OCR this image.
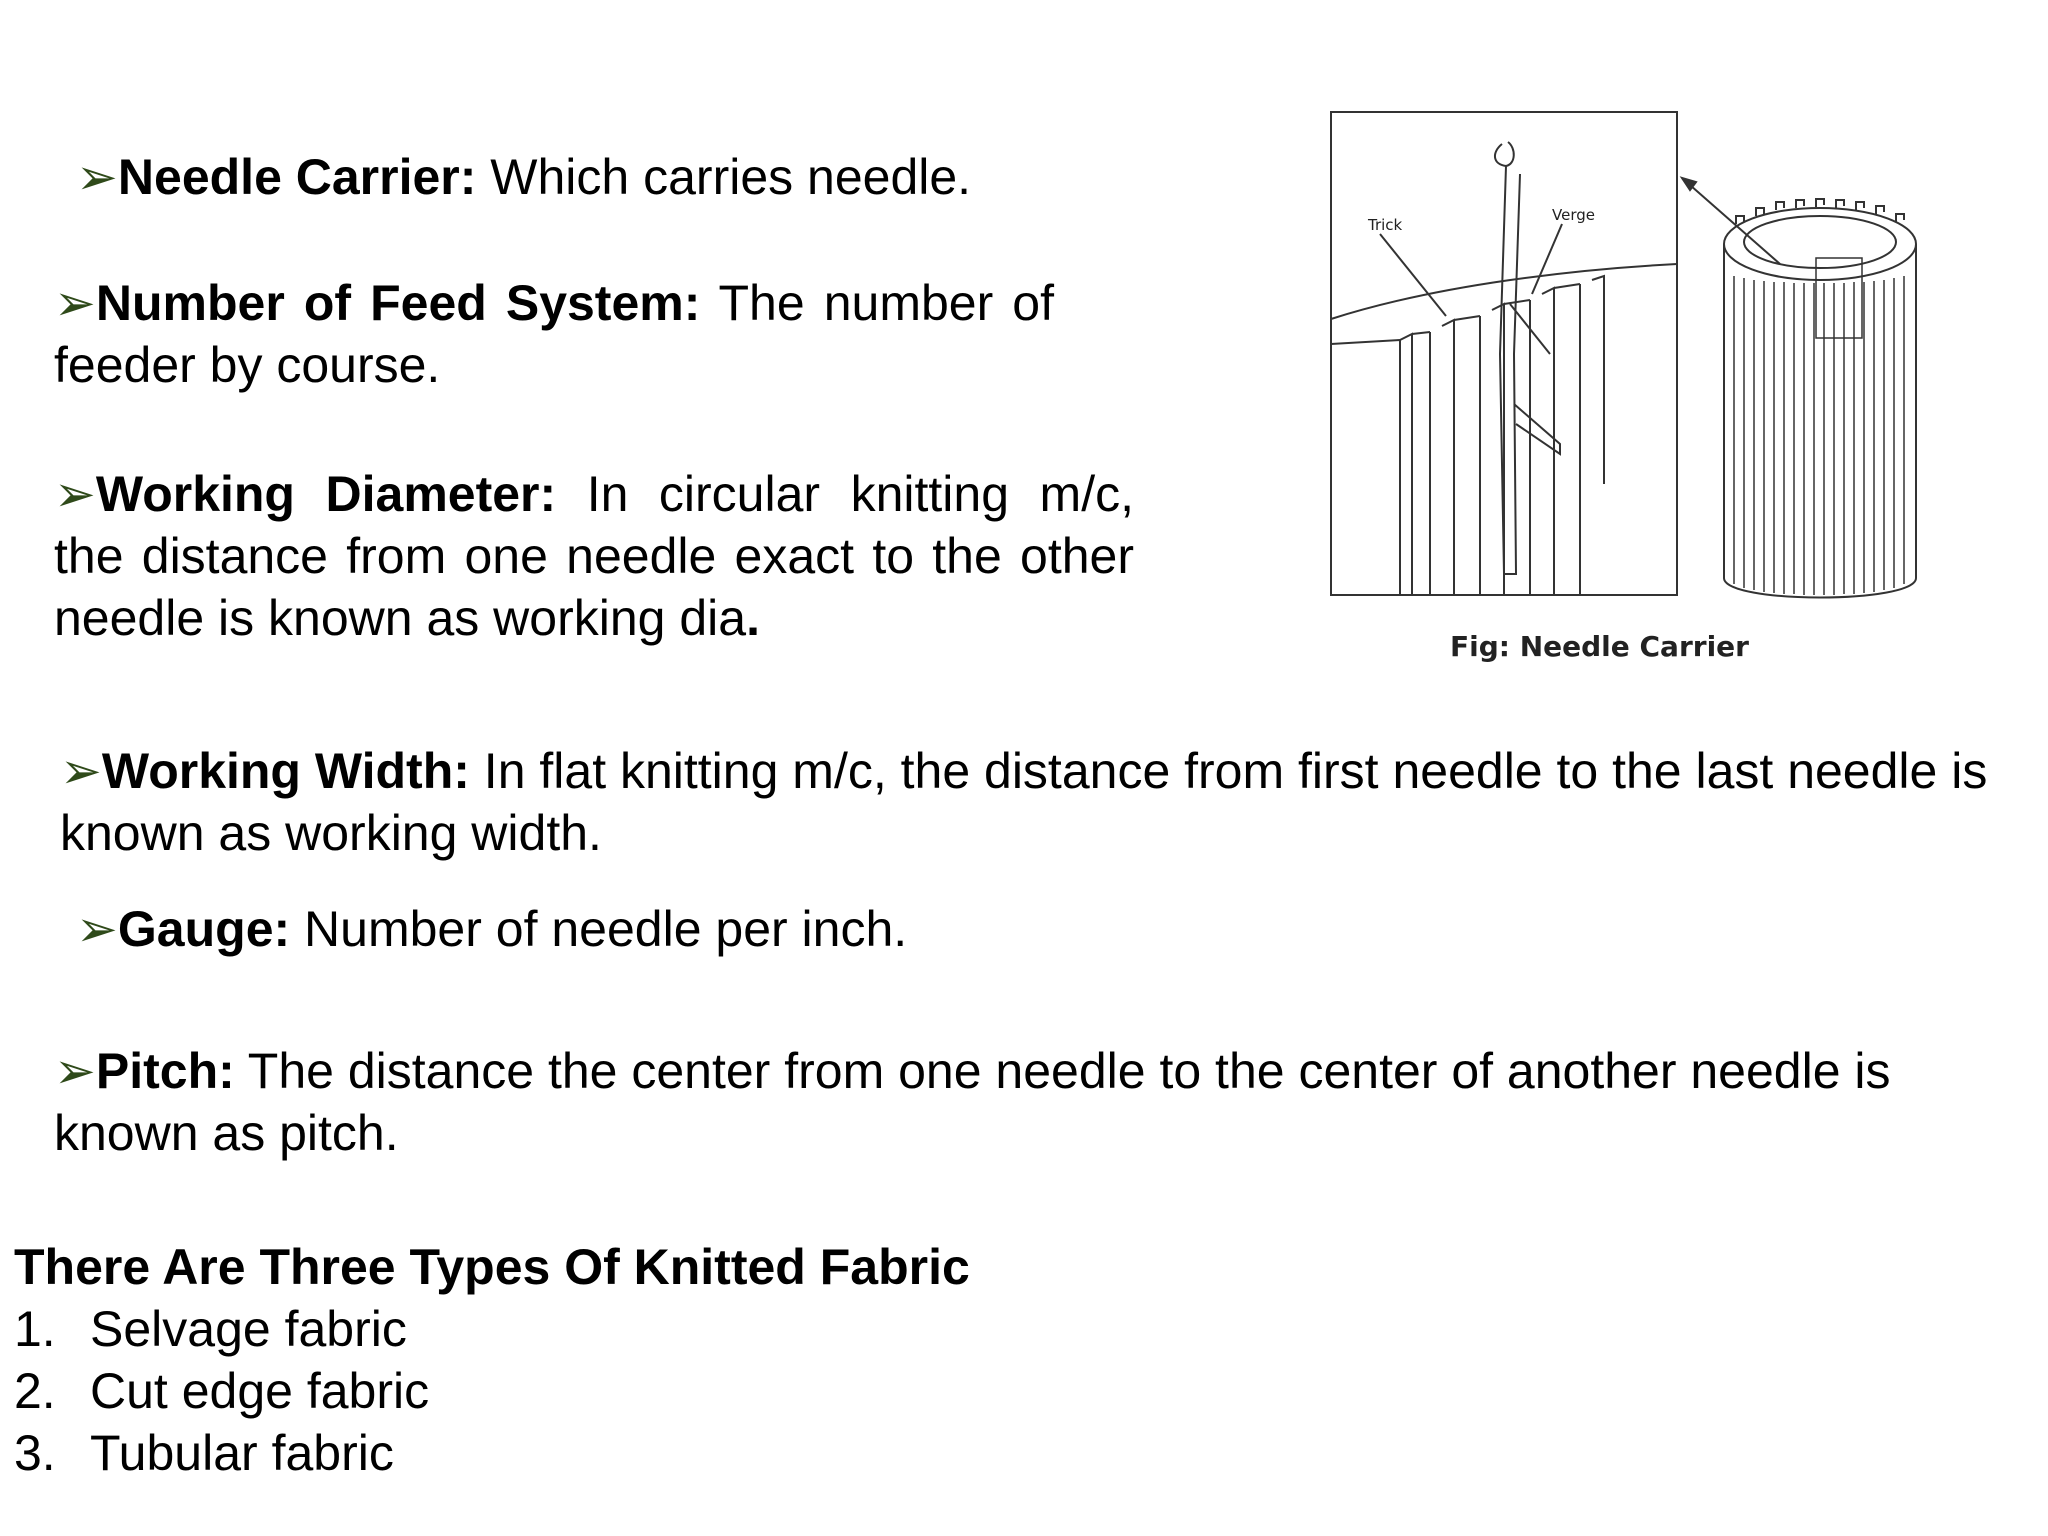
➢Needle Carrier: Which carries needle.

➢Number of Feed System: The number of feeder by course.

➢Working Diameter: In circular knitting m/c, the distance from one needle exact to the other needle is known as working dia.

➢Working Width: In flat knitting m/c, the distance from first needle to the last needle is known as working width.

➢Gauge: Number of needle per inch.

➢Pitch: The distance the center from one needle to the center of another needle is known as pitch.

Trick
Verge
Fig: Needle Carrier
There Are Three Types Of Knitted Fabric
1. Selvage fabric
2. Cut edge fabric
3. Tubular fabric
